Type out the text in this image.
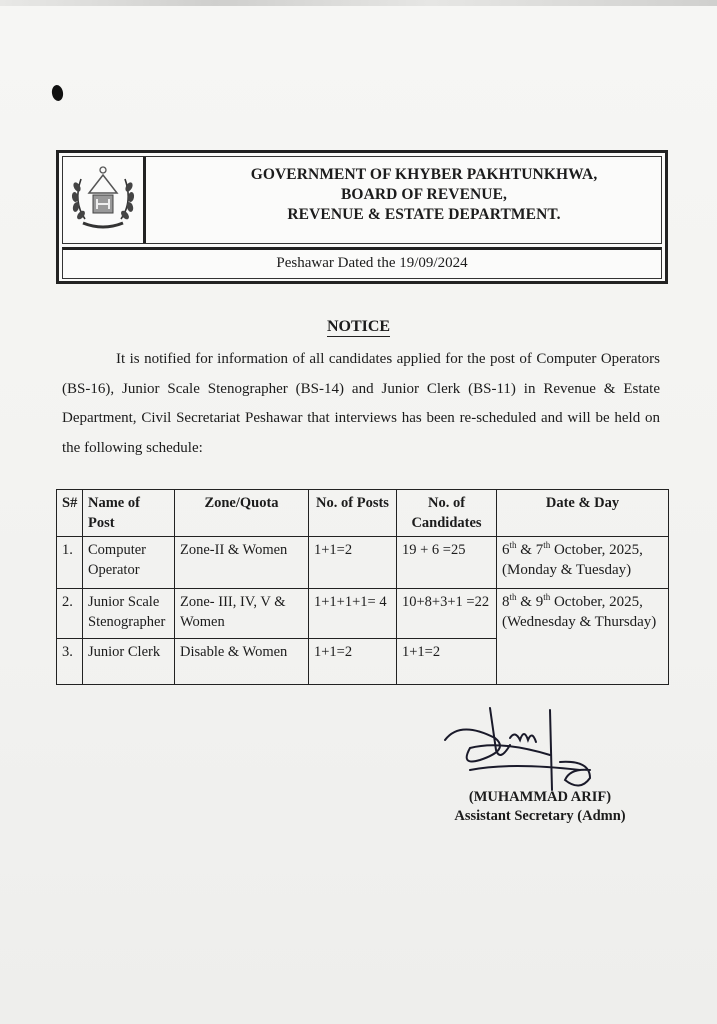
GOVERNMENT OF KHYBER PAKHTUNKHWA,
BOARD OF REVENUE,
REVENUE & ESTATE DEPARTMENT.
Peshawar Dated the 19/09/2024
NOTICE
It is notified for information of all candidates applied for the post of Computer Operators (BS-16), Junior Scale Stenographer (BS-14) and Junior Clerk (BS-11) in Revenue & Estate Department, Civil Secretariat Peshawar that interviews has been re-scheduled and will be held on the following schedule:
S#	Name of Post	Zone/Quota	No. of Posts	No. of Candidates	Date & Day
1.	Computer Operator	Zone-II & Women	1+1=2	19 + 6 =25	6th & 7th October, 2025,
(Monday & Tuesday)
2.	Junior Scale Stenographer	Zone- III, IV, V & Women	1+1+1+1= 4	10+8+3+1 =22	8th & 9th October, 2025,
(Wednesday & Thursday)
3.	Junior Clerk	Disable & Women	1+1=2	1+1=2	
(MUHAMMAD ARIF)
Assistant Secretary (Admn)
